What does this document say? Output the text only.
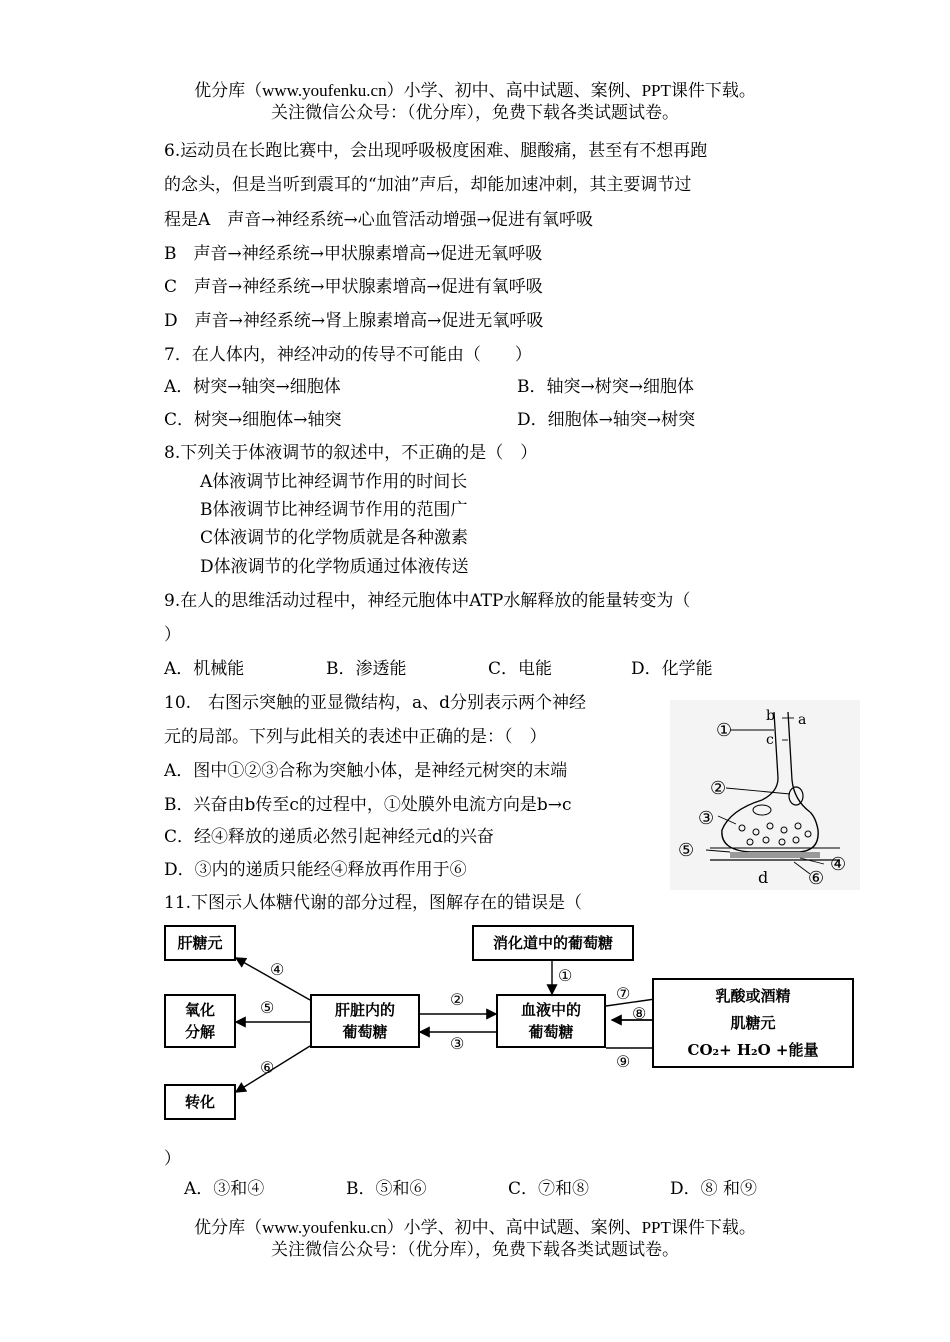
优分库（www.youfenku.cn）小学、初中、高中试题、案例、PPT课件下载。
关注微信公众号：（优分库），免费下载各类试题试卷。
6.运动员在长跑比赛中，会出现呼吸极度困难、腿酸痛，甚至有不想再跑
的念头，但是当听到震耳的“加油”声后，却能加速冲刺，其主要调节过
程是A　声音→神经系统→心血管活动增强→促进有氧呼吸
B　声音→神经系统→甲状腺素增高→促进无氧呼吸
C　声音→神经系统→甲状腺素增高→促进有氧呼吸
D　声音→神经系统→肾上腺素增高→促进无氧呼吸
7．在人体内，神经冲动的传导不可能由（　　）
A．树突→轴突→细胞体	B．轴突→树突→细胞体
C．树突→细胞体→轴突	D．细胞体→轴突→树突
8.下列关于体液调节的叙述中，不正确的是（　）
A体液调节比神经调节作用的时间长
B体液调节比神经调节作用的范围广
C体液调节的化学物质就是各种激素
D体液调节的化学物质通过体液传送
9.在人的思维活动过程中，神经元胞体中ATP水解释放的能量转变为（
）
A．机械能	B．渗透能	C．电能	D．化学能
10.　右图示突触的亚显微结构，a、d分别表示两个神经
元的局部。下列与此相关的表述中正确的是：（　）
A．图中①②③合称为突触小体，是神经元树突的末端
B．兴奋由b传至c的过程中，①处膜外电流方向是b→c
C．经④释放的递质必然引起神经元d的兴奋
D．③内的递质只能经④释放再作用于⑥
①
②
③
④
⑤
⑥
a
b
c
d
11.下图示人体糖代谢的部分过程，图解存在的错误是（
肝糖元
氧化
分解
转化
肝脏内的
葡萄糖
消化道中的葡萄糖
血液中的
葡萄糖
乳酸或酒精
肌糖元
CO₂+ H₂O +能量
④
⑤
⑥
②
③
①
⑦
⑧
⑨
）
A．③和④	B．⑤和⑥	C．⑦和⑧	D．⑧ 和⑨
优分库（www.youfenku.cn）小学、初中、高中试题、案例、PPT课件下载。
关注微信公众号：（优分库），免费下载各类试题试卷。
